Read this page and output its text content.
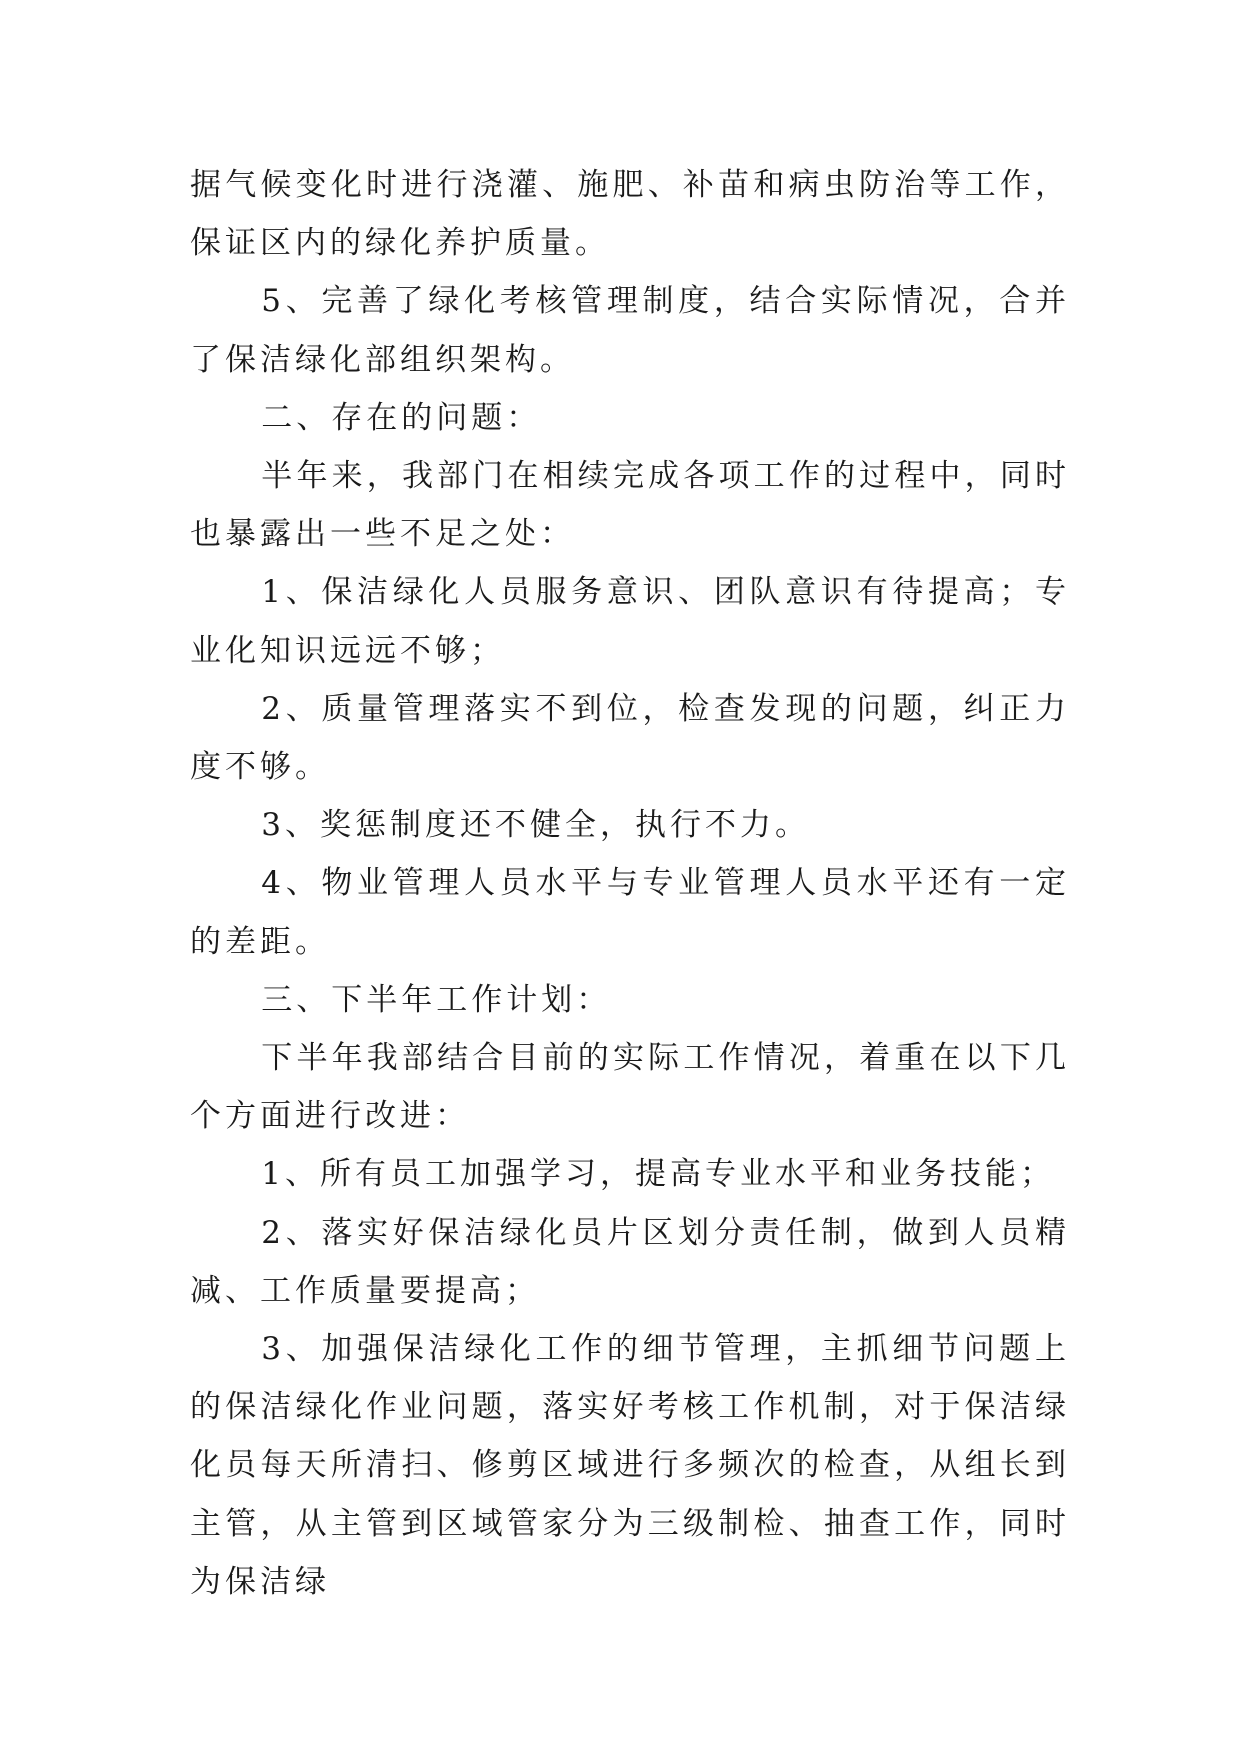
据气候变化时进行浇灌、施肥、补苗和病虫防治等工作，保证区内的绿化养护质量。

5、完善了绿化考核管理制度，结合实际情况，合并了保洁绿化部组织架构。

二、存在的问题：

半年来，我部门在相续完成各项工作的过程中，同时也暴露出一些不足之处：

1、保洁绿化人员服务意识、团队意识有待提高；专业化知识远远不够；

2、质量管理落实不到位，检查发现的问题，纠正力度不够。

3、奖惩制度还不健全，执行不力。

4、物业管理人员水平与专业管理人员水平还有一定的差距。

三、下半年工作计划：

下半年我部结合目前的实际工作情况，着重在以下几个方面进行改进：

1、所有员工加强学习，提高专业水平和业务技能；

2、落实好保洁绿化员片区划分责任制，做到人员精减、工作质量要提高；

3、加强保洁绿化工作的细节管理，主抓细节问题上的保洁绿化作业问题，落实好考核工作机制，对于保洁绿化员每天所清扫、修剪区域进行多频次的检查，从组长到主管，从主管到区域管家分为三级制检、抽查工作，同时为保洁绿
